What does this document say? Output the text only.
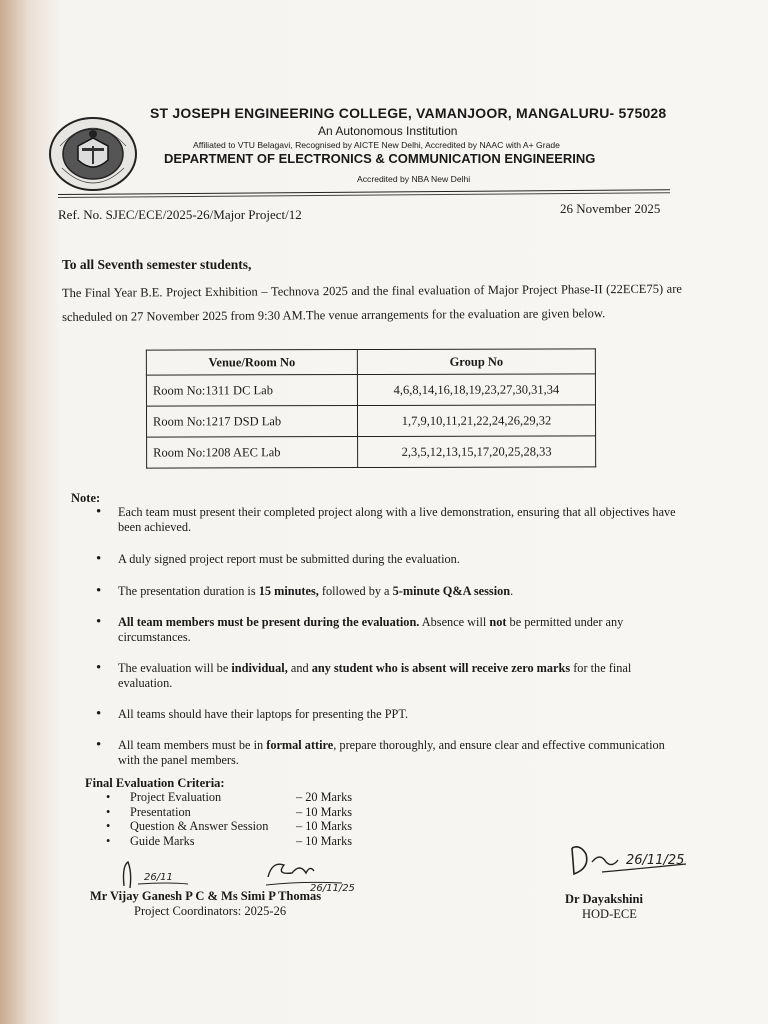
ST JOSEPH ENGINEERING COLLEGE, VAMANJOOR, MANGALURU- 575028
An Autonomous Institution
Affiliated to VTU Belagavi, Recognised by AICTE New Delhi, Accredited by NAAC with A+ Grade
DEPARTMENT OF ELECTRONICS & COMMUNICATION ENGINEERING
Accredited by NBA New Delhi
Ref. No. SJEC/ECE/2025-26/Major Project/12	26 November 2025
To all Seventh semester students,
The Final Year B.E. Project Exhibition – Technova 2025 and the final evaluation of Major Project Phase-II (22ECE75) are scheduled on 27 November 2025 from 9:30 AM.The venue arrangements for the evaluation are given below.
Venue/Room No	Group No
Room No:1311 DC Lab	4,6,8,14,16,18,19,23,27,30,31,34
Room No:1217 DSD Lab	1,7,9,10,11,21,22,24,26,29,32
Room No:1208 AEC Lab	2,3,5,12,13,15,17,20,25,28,33
Note:
• Each team must present their completed project along with a live demonstration, ensuring that all objectives have been achieved.
• A duly signed project report must be submitted during the evaluation.
• The presentation duration is 15 minutes, followed by a 5-minute Q&A session.
• All team members must be present during the evaluation. Absence will not be permitted under any circumstances.
• The evaluation will be individual, and any student who is absent will receive zero marks for the final evaluation.
• All teams should have their laptops for presenting the PPT.
• All team members must be in formal attire, prepare thoroughly, and ensure clear and effective communication with the panel members.
Final Evaluation Criteria:
•	Project Evaluation	– 20 Marks
•	Presentation	– 10 Marks
•	Question & Answer Session	– 10 Marks
•	Guide Marks	– 10 Marks
26/11
26/11/25
26/11/25
Mr Vijay Ganesh P C & Ms Simi P Thomas
Project Coordinators: 2025-26
Dr Dayakshini
HOD-ECE
